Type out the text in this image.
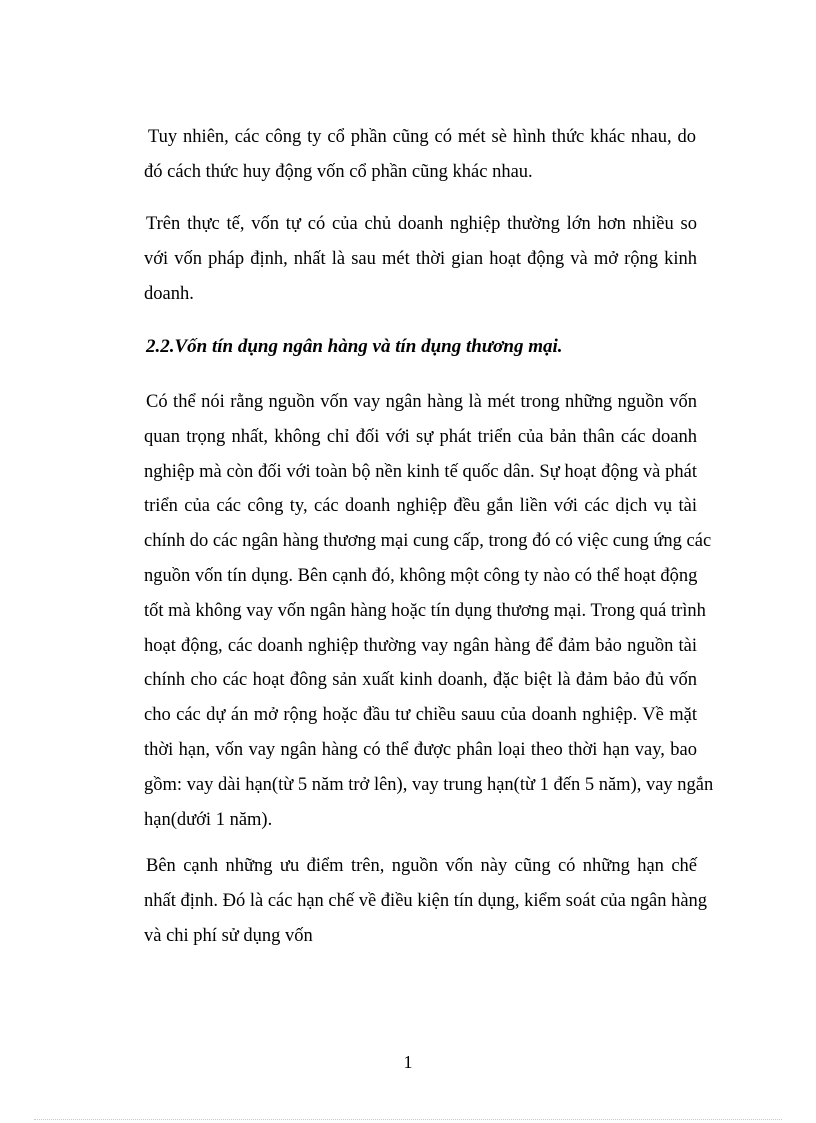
Tuy nhiên, các công ty cổ phần cũng có mét sè hình thức khác nhau, do
đó cách thức huy động vốn cổ phần cũng khác nhau.
Trên thực tế, vốn tự có của chủ doanh nghiệp thường lớn hơn nhiều so
với vốn pháp định, nhất là sau mét thời gian hoạt động và mở rộng kinh
doanh.
2.2.Vốn tín dụng ngân hàng và tín dụng thương mại.
Có thể nói rằng nguồn vốn vay ngân hàng là mét trong những nguồn vốn
quan trọng nhất, không chỉ đối với sự phát triển của bản thân các doanh
nghiệp mà còn đối với toàn bộ nền kinh tế quốc dân. Sự hoạt động và phát
triển của các công ty, các doanh nghiệp đều gắn liền với các dịch vụ tài
chính do các ngân hàng thương mại cung cấp, trong đó có việc cung ứng các
nguồn vốn tín dụng. Bên cạnh đó, không một công ty nào có thể hoạt động
tốt mà không vay vốn ngân hàng hoặc tín dụng thương mại. Trong quá trình
hoạt động, các doanh nghiệp thường vay ngân hàng để đảm bảo nguồn tài
chính cho các hoạt đông sản xuất kinh doanh, đặc biệt là đảm bảo đủ vốn
cho các dự án mở rộng hoặc đầu tư chiều sauu của doanh nghiệp. Về mặt
thời hạn, vốn vay ngân hàng có thể được phân loại theo thời hạn vay, bao
gồm: vay dài hạn(từ 5 năm trở lên), vay trung hạn(từ 1 đến 5 năm), vay ngắn
hạn(dưới 1 năm).
Bên cạnh những ưu điểm trên, nguồn vốn này cũng có những hạn chế
nhất định. Đó là các hạn chế về điều kiện tín dụng, kiểm soát của ngân hàng
và chi phí sử dụng vốn
1
